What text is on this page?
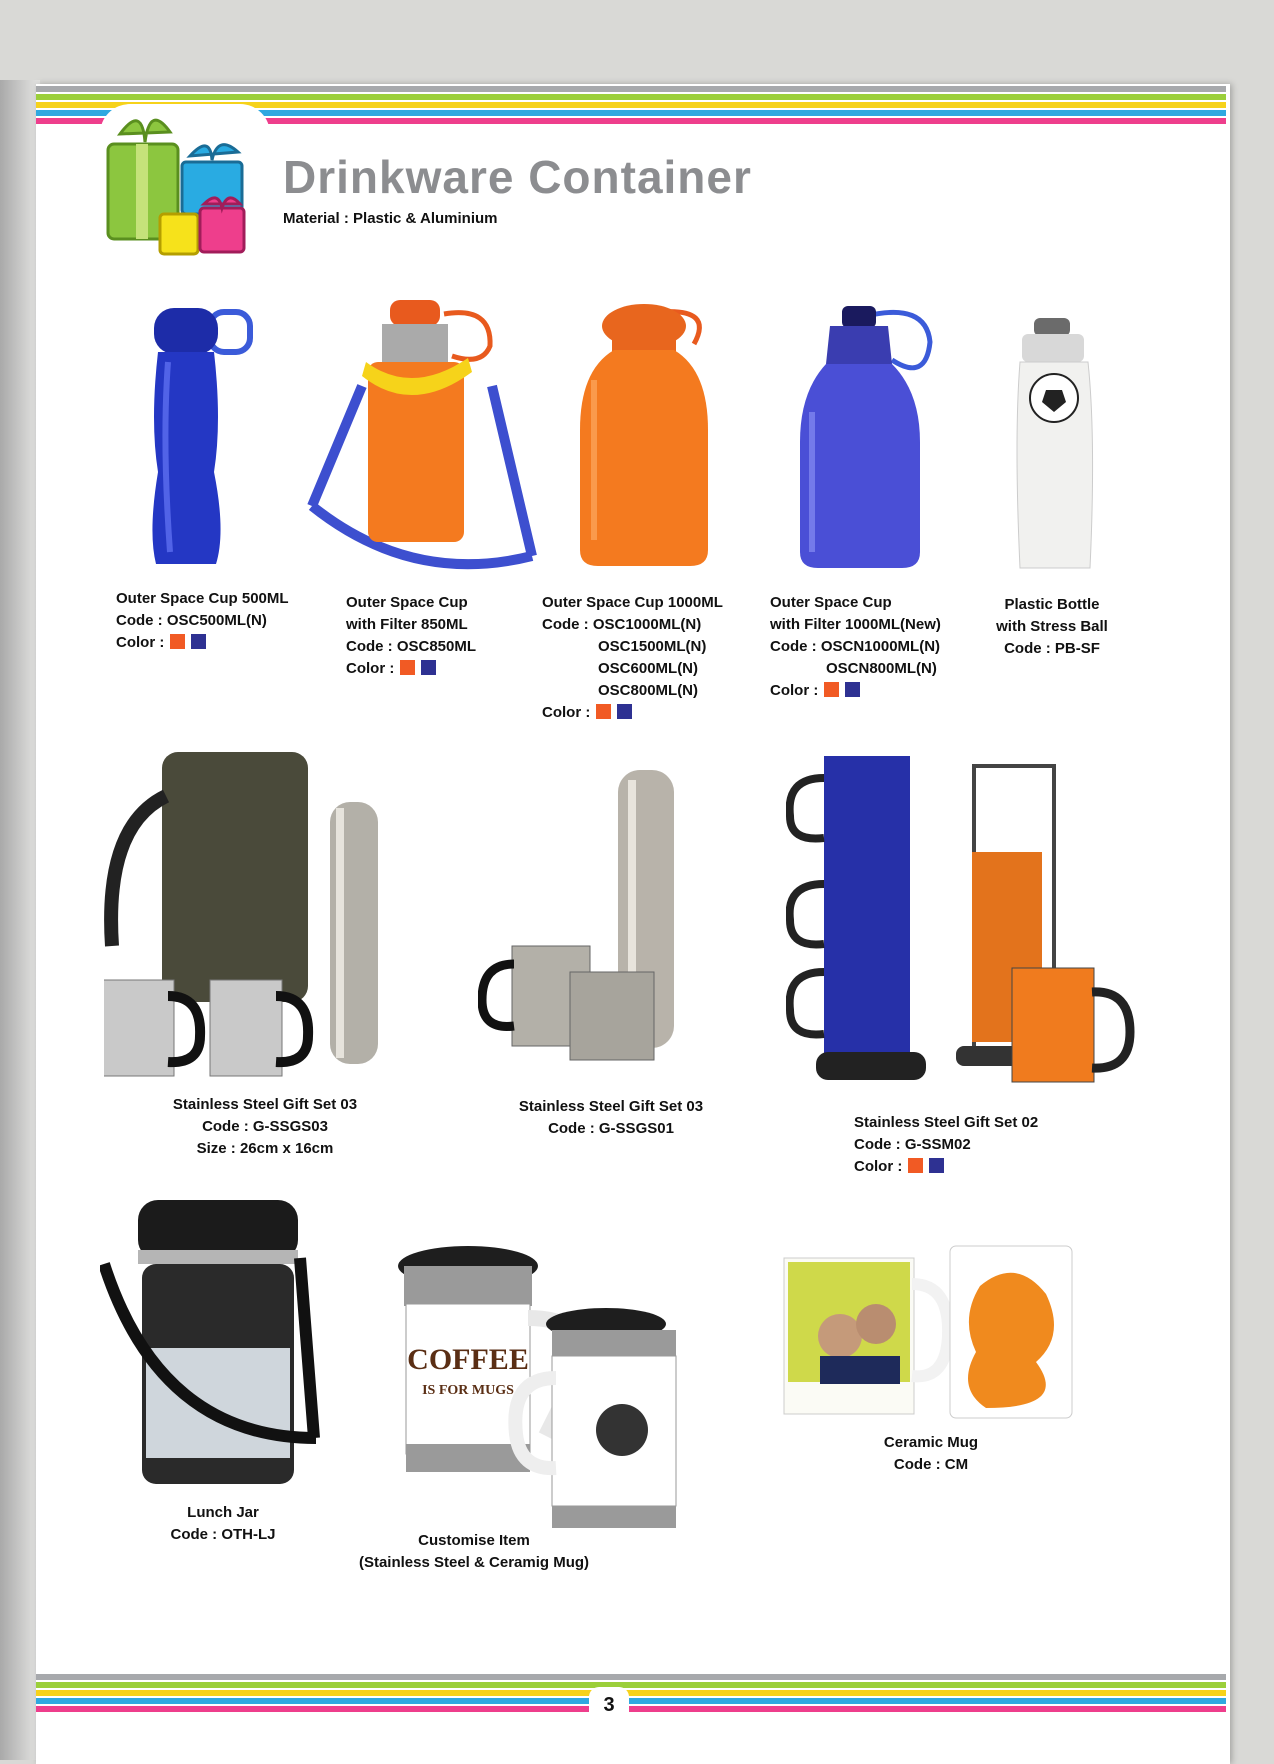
Drinkware Container
Material : Plastic & Aluminium
Outer Space Cup 500ML
Code : OSC500ML(N)
Color :
Outer Space Cup
with Filter 850ML
Code : OSC850ML
Color :
Outer Space Cup 1000ML
Code : OSC1000ML(N)
OSC1500ML(N)
OSC600ML(N)
OSC800ML(N)
Color :
Outer Space Cup
with Filter 1000ML(New)
Code : OSCN1000ML(N)
OSCN800ML(N)
Color :
Plastic Bottle
with Stress Ball
Code : PB-SF
Stainless Steel Gift Set 03
Code : G-SSGS03
Size : 26cm x 16cm
Stainless Steel Gift Set 03
Code : G-SSGS01	Stainless Steel Gift Set 02
Code : G-SSM02
Color :
COFFEE
IS FOR MUGS
Lunch Jar
Code : OTH-LJ	Customise Item
(Stainless Steel & Ceramig Mug)
Ceramic Mug
Code : CM
3
